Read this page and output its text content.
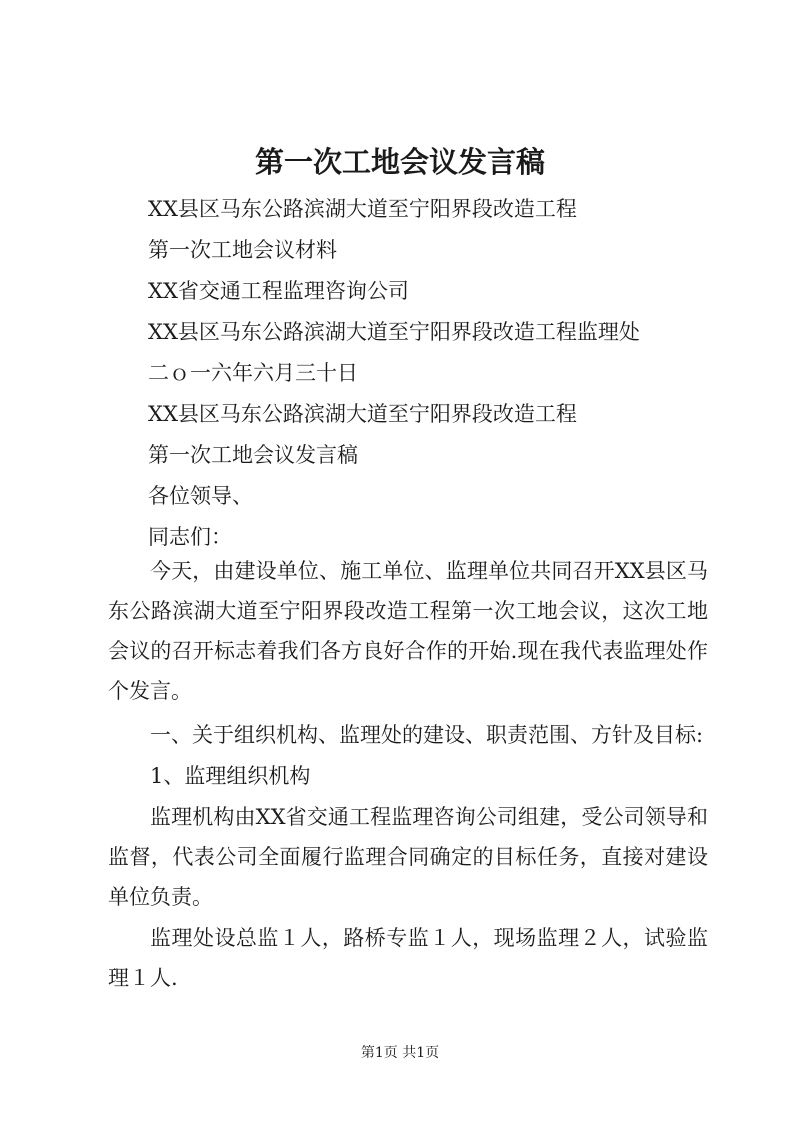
第一次工地会议发言稿

XX县区马东公路滨湖大道至宁阳界段改造工程

第一次工地会议材料

XX省交通工程监理咨询公司

XX县区马东公路滨湖大道至宁阳界段改造工程监理处

二ｏ一六年六月三十日

XX县区马东公路滨湖大道至宁阳界段改造工程

第一次工地会议发言稿

各位领导、

同志们：

今天，由建设单位、施工单位、监理单位共同召开XX县区马东公路滨湖大道至宁阳界段改造工程第一次工地会议，这次工地会议的召开标志着我们各方良好合作的开始.现在我代表监理处作个发言。

一、关于组织机构、监理处的建设、职责范围、方针及目标:

1、监理组织机构

监理机构由XX省交通工程监理咨询公司组建，受公司领导和监督，代表公司全面履行监理合同确定的目标任务，直接对建设单位负责。

监理处设总监１人，路桥专监１人，现场监理２人，试验监理１人.

第1页 共1页
